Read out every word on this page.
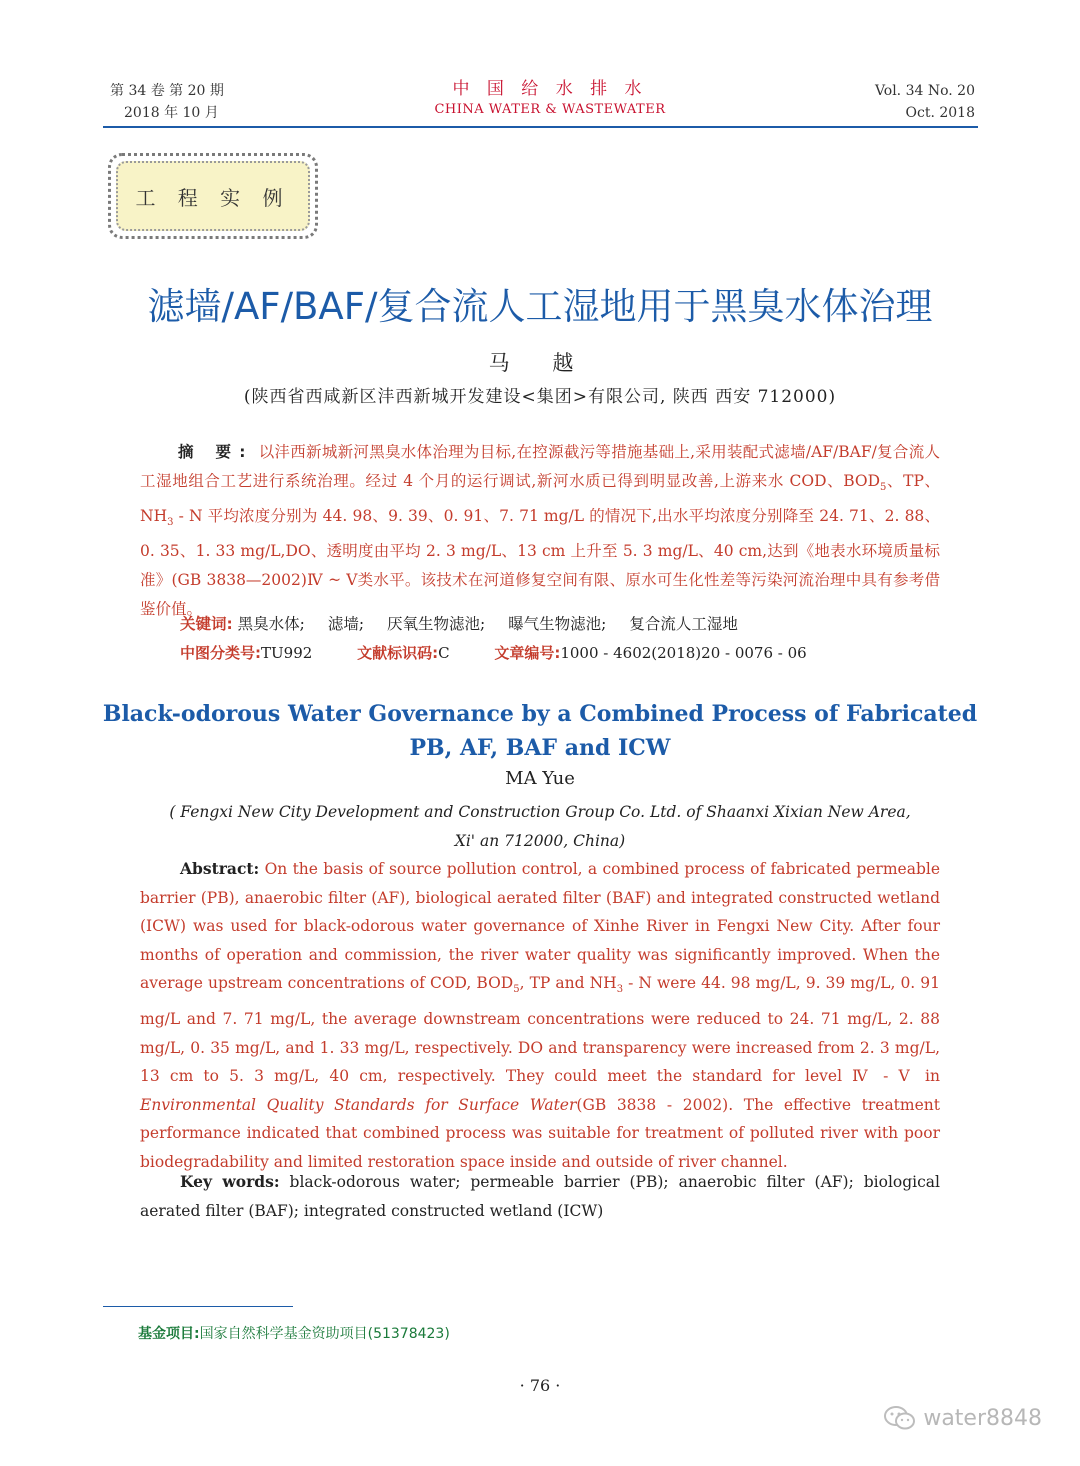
第 34 卷 第 20 期
2018 年 10 月
中 国 给 水 排 水
CHINA WATER & WASTEWATER
Vol. 34 No. 20
Oct. 2018
工 程 实 例
滤墙/AF/BAF/复合流人工湿地用于黑臭水体治理
马 越
(陕西省西咸新区沣西新城开发建设<集团>有限公司, 陕西 西安 712000)
摘 要: 以沣西新城新河黑臭水体治理为目标,在控源截污等措施基础上,采用装配式滤墙/AF/BAF/复合流人工湿地组合工艺进行系统治理。经过 4 个月的运行调试,新河水质已得到明显改善,上游来水 COD、$BOD_5$、TP、$NH_3$ - N 平均浓度分别为 44. 98、9. 39、0. 91、7. 71 mg/L 的情况下,出水平均浓度分别降至 24. 71、2. 88、0. 35、1. 33 mg/L,DO、透明度由平均 2. 3 mg/L、13 cm 上升至 5. 3 mg/L、40 cm,达到《地表水环境质量标准》(GB 3838—2002)Ⅳ ~ Ⅴ类水平。该技术在河道修复空间有限、原水可生化性差等污染河流治理中具有参考借鉴价值。
关键词: 黑臭水体; 滤墙; 厌氧生物滤池; 曝气生物滤池; 复合流人工湿地
中图分类号:TU992	文献标识码:C	文章编号:1000 - 4602(2018)20 - 0076 - 06
Black-odorous Water Governance by a Combined Process of Fabricated
PB, AF, BAF and ICW
MA Yue
( Fengxi New City Development and Construction Group Co. Ltd. of Shaanxi Xixian New Area,
Xi' an 712000, China)
Abstract: On the basis of source pollution control, a combined process of fabricated permeable barrier (PB), anaerobic filter (AF), biological aerated filter (BAF) and integrated constructed wetland (ICW) was used for black-odorous water governance of Xinhe River in Fengxi New City. After four months of operation and commission, the river water quality was significantly improved. When the average upstream concentrations of COD, $BOD_5$, TP and $NH_3$ - N were 44. 98 mg/L, 9. 39 mg/L, 0. 91 mg/L and 7. 71 mg/L, the average downstream concentrations were reduced to 24. 71 mg/L, 2. 88 mg/L, 0. 35 mg/L, and 1. 33 mg/L, respectively. DO and transparency were increased from 2. 3 mg/L, 13 cm to 5. 3 mg/L, 40 cm, respectively. They could meet the standard for level Ⅳ - Ⅴ in Environmental Quality Standards for Surface Water(GB 3838 - 2002). The effective treatment performance indicated that combined process was suitable for treatment of polluted river with poor biodegradability and limited restoration space inside and outside of river channel.
Key words: black-odorous water; permeable barrier (PB); anaerobic filter (AF); biological aerated filter (BAF); integrated constructed wetland (ICW)
基金项目:国家自然科学基金资助项目(51378423)
· 76 ·
water8848
